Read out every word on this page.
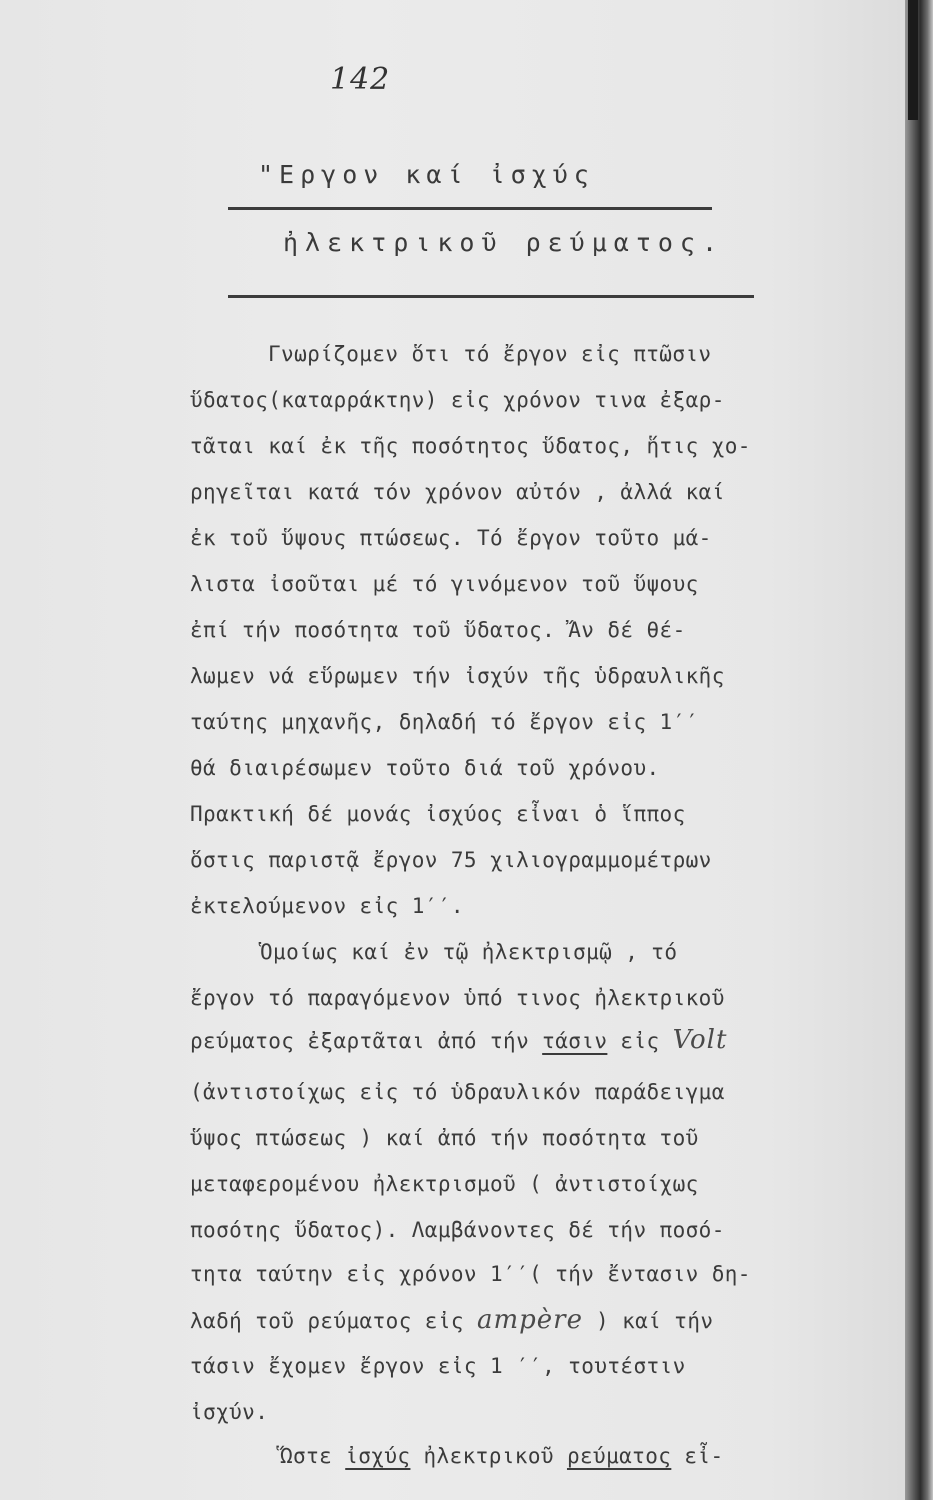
142
"Εργον καί ἰσχύς
ἠλεκτρικοῦ ρεύματος.
Γνωρίζομεν ὅτι τό ἔργον εἰς πτῶσιν
ὕδατος(καταρράκτην) εἰς χρόνον τινα ἐξαρ-
τᾶται καί ἐκ τῆς ποσότητος ὕδατος, ἥτις χο-
ρηγεῖται κατά τόν χρόνον αὐτόν , ἀλλά καί
ἐκ τοῦ ὕψους πτώσεως. Τό ἔργον τοῦτο μά-
λιστα ἰσοῦται μέ τό γινόμενον τοῦ ὕψους
ἐπί τήν ποσότητα τοῦ ὕδατος. Ἄν δέ θέ-
λωμεν νά εὕρωμεν τήν ἰσχύν τῆς ὑδραυλικῆς
ταύτης μηχανῆς, δηλαδή τό ἔργον εἰς 1′′
θά διαιρέσωμεν τοῦτο διά τοῦ χρόνου.
Πρακτική δέ μονάς ἰσχύος εἶναι ὁ ἵππος
ὅστις παριστᾷ ἔργον 75 χιλιογραμμομέτρων
ἐκτελούμενον εἰς 1′′.
Ὁμοίως καί ἐν τῷ ἠλεκτρισμῷ , τό
ἔργον τό παραγόμενον ὑπό τινος ἠλεκτρικοῦ
ρεύματος ἐξαρτᾶται ἀπό τήν τάσιν εἰς Volt
(ἀντιστοίχως εἰς τό ὑδραυλικόν παράδειγμα
ὕψος πτώσεως ) καί ἀπό τήν ποσότητα τοῦ
μεταφερομένου ἠλεκτρισμοῦ ( ἀντιστοίχως
ποσότης ὕδατος). Λαμβάνοντες δέ τήν ποσό-
τητα ταύτην εἰς χρόνον 1′′( τήν ἔντασιν δη-
λαδή τοῦ ρεύματος εἰς ampère ) καί τήν
τάσιν ἔχομεν ἔργον εἰς 1 ′′, τουτέστιν
ἰσχύν.
Ὥστε ἰσχύς ἠλεκτρικοῦ ρεύματος εἶ-
